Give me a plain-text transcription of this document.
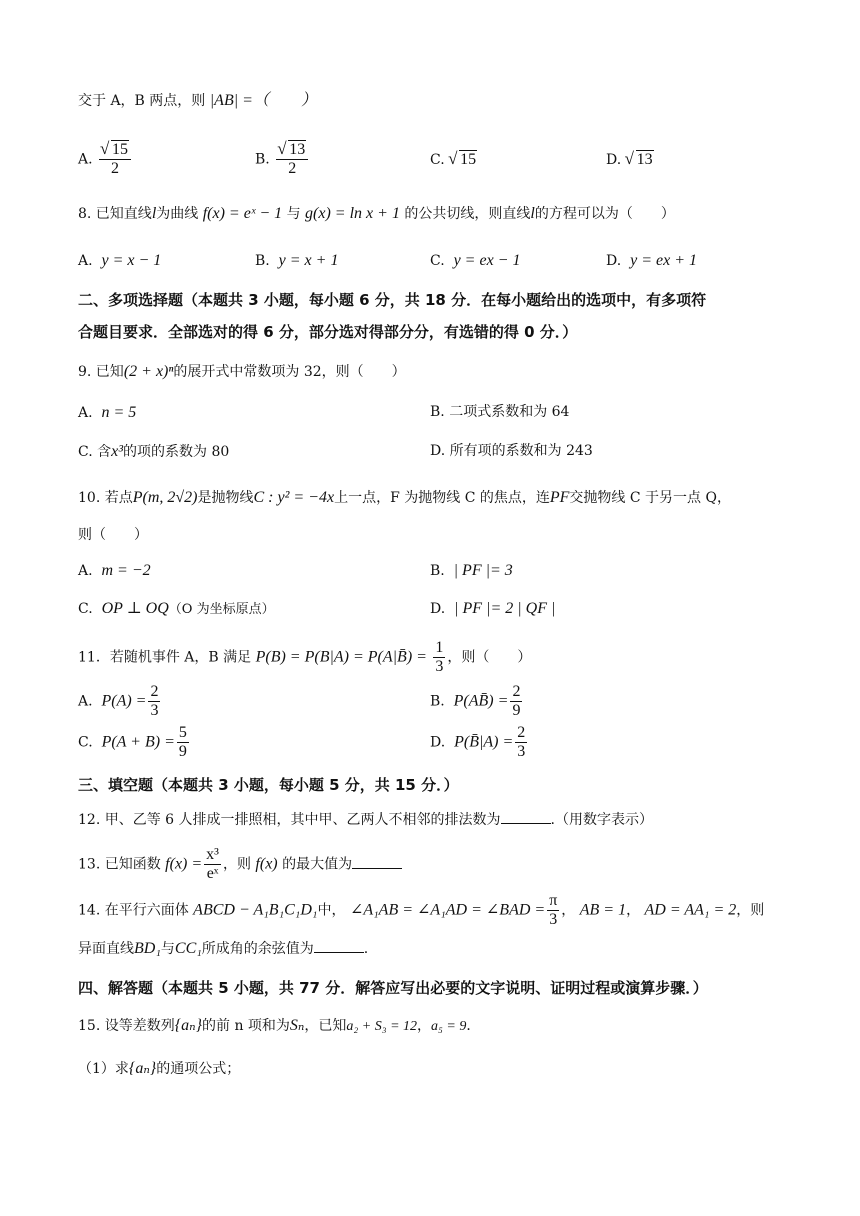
交于 A，B 两点，则 |AB| =（　　）
A. √ $\frac{15}{2}$	B. √ $\frac{13}{2}$	C. √ 15	D. √ 13
8. 已知直线l为曲线 f(x) = eˣ − 1 与 g(x) = ln x + 1 的公共切线，则直线l的方程可以为（　　）
A. y = x − 1	B. y = x + 1	C. y = ex − 1	D. y = ex + 1
二、多项选择题（本题共 3 小题，每小题 6 分，共 18 分．在每小题给出的选项中，有多项符
合题目要求．全部选对的得 6 分，部分选对得部分分，有选错的得 0 分．）
9. 已知(2 + x)ⁿ的展开式中常数项为 32，则（　　）
A. n = 5	B. 二项式系数和为 64
C. 含x³的项的系数为 80	D. 所有项的系数和为 243
10. 若点P(m, 2√2)是抛物线C : y² = −4x上一点，F 为抛物线 C 的焦点，连PF交抛物线 C 于另一点 Q，
则（　　）
A. m = −2	B. | PF |= 3
C. OP ⊥ OQ（O 为坐标原点）	D. | PF |= 2 | QF |
11．若随机事件 A，B 满足 P(B) = P(B|A) = P(A|B̄) = $\frac{1}{3}$ ，则（　　）
A. $P(A) = \frac{2}{3}$	B. P(AB̄) = $\frac{2}{9}$
C. $P(A + B) = \frac{5}{9}$	D. P(B̄|A) = $\frac{2}{3}$
三、填空题（本题共 3 小题，每小题 5 分，共 15 分．）
12. 甲、乙等 6 人排成一排照相，其中甲、乙两人不相邻的排法数为	.（用数字表示）
13. 已知函数 $f(x) = \frac{\text{x³}}{\text{eˣ}}$ ，则 f(x) 的最大值为
14. 在平行六面体 ABCD − A₁B₁C₁D₁中， ∠A₁AB = ∠A₁AD = ∠BAD = $\frac{\pi}{3}$ ， AB = 1， AD = AA₁ = 2，则
异面直线BD₁与CC₁所成角的余弦值为	.
四、解答题（本题共 5 小题，共 77 分．解答应写出必要的文字说明、证明过程或演算步骤．）
15. 设等差数列{aₙ}的前 n 项和为Sₙ，已知a₂ + S₃ = 12，a₅ = 9．
（1）求{aₙ}的通项公式；
